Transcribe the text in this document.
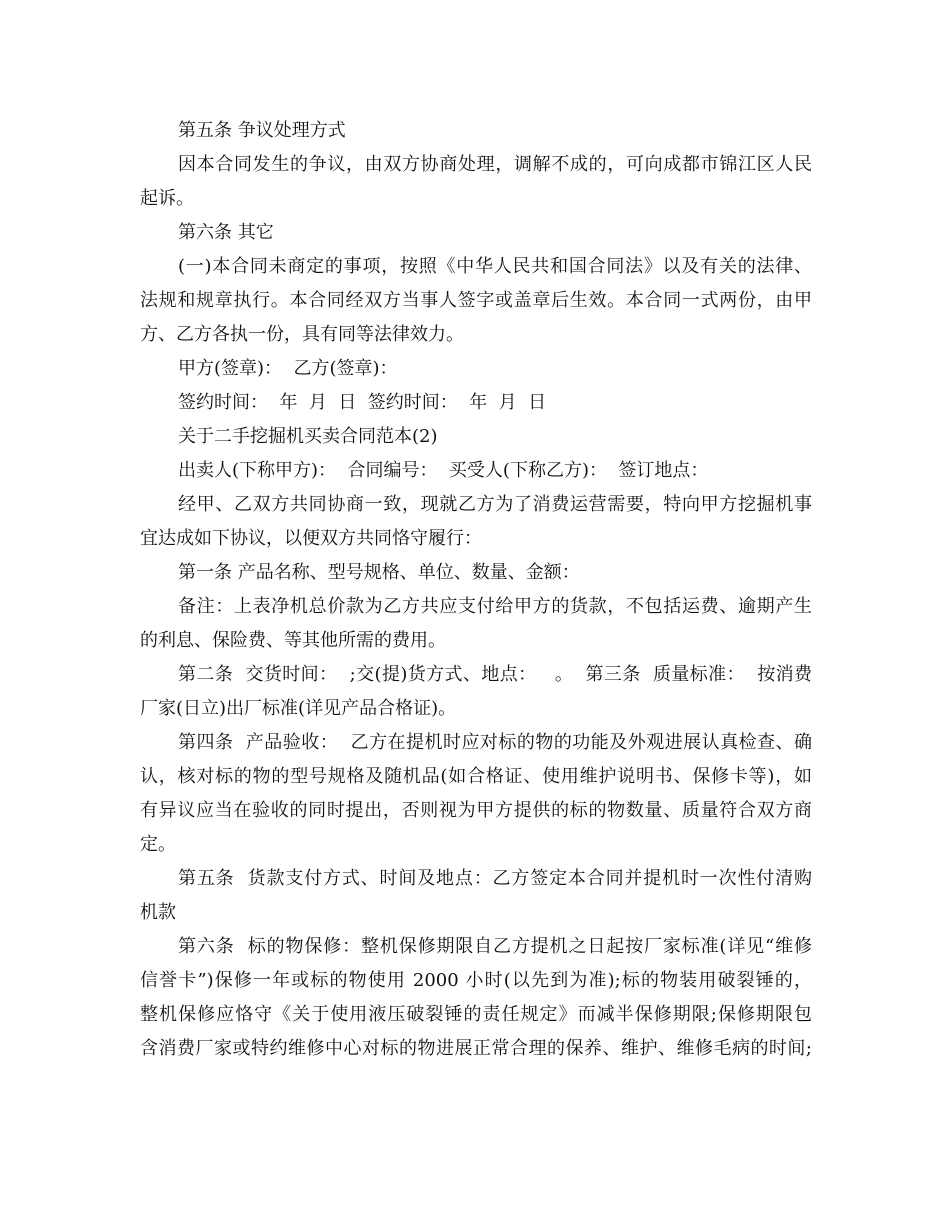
第五条 争议处理方式
因本合同发生的争议，由双方协商处理，调解不成的，可向成都市锦江区人民
起诉。
第六条 其它
(一)本合同未商定的事项，按照《中华人民共和国合同法》以及有关的法律、
法规和规章执行。本合同经双方当事人签字或盖章后生效。本合同一式两份，由甲
方、乙方各执一份，具有同等法律效力。
甲方(签章)：  乙方(签章)：
签约时间：  年  月  日  签约时间：  年  月  日
关于二手挖掘机买卖合同范本(2)
出卖人(下称甲方)：  合同编号：  买受人(下称乙方)：  签订地点：
经甲、乙双方共同协商一致，现就乙方为了消费运营需要，特向甲方挖掘机事
宜达成如下协议，以便双方共同恪守履行：
第一条 产品名称、型号规格、单位、数量、金额：
备注：上表净机总价款为乙方共应支付给甲方的货款，不包括运费、逾期产生
的利息、保险费、等其他所需的费用。
第二条  交货时间：  ;交(提)货方式、地点：   。  第三条  质量标准：  按消费
厂家(日立)出厂标准(详见产品合格证)。
第四条  产品验收：  乙方在提机时应对标的物的功能及外观进展认真检查、确
认，核对标的物的型号规格及随机品(如合格证、使用维护说明书、保修卡等)，如
有异议应当在验收的同时提出，否则视为甲方提供的标的物数量、质量符合双方商
定。
第五条  货款支付方式、时间及地点：乙方签定本合同并提机时一次性付清购
机款
第六条  标的物保修：整机保修期限自乙方提机之日起按厂家标准(详见“维修
信誉卡”)保修一年或标的物使用 2000 小时(以先到为准);标的物装用破裂锤的，
整机保修应恪守《关于使用液压破裂锤的责任规定》而减半保修期限;保修期限包
含消费厂家或特约维修中心对标的物进展正常合理的保养、维护、维修毛病的时间;
